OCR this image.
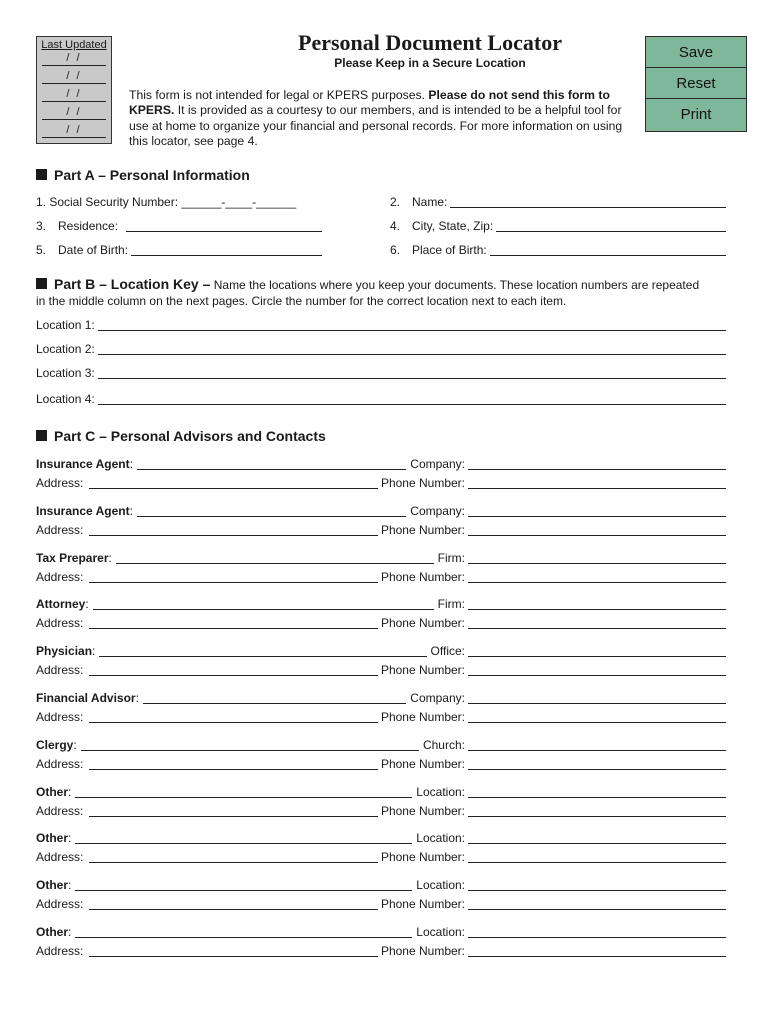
Last Updated
/ /
/ /
/ /
/ /
/ /
Personal Document Locator
Please Keep in a Secure Location
This form is not intended for legal or KPERS purposes. Please do not send this form to KPERS. It is provided as a courtesy to our members, and is intended to be a helpful tool for use at home to organize your financial and personal records. For more information on using this locator, see page 4.
Save
Reset
Print
Part A – Personal Information
1. Social Security Number: ______-____-______	2. Name:
3. Residence:	4. City, State, Zip:
5. Date of Birth:	6. Place of Birth:
Part B – Location Key – Name the locations where you keep your documents. These location numbers are repeated
in the middle column on the next pages. Circle the number for the correct location next to each item.
Location 1:
Location 2:
Location 3:
Location 4:
Part C – Personal Advisors and Contacts
Insurance Agent :	Company:
Address:	Phone Number:
Insurance Agent :	Company:
Address:	Phone Number:
Tax Preparer :	Firm:
Address:	Phone Number:
Attorney :	Firm:
Address:	Phone Number:
Physician :	Office:
Address:	Phone Number:
Financial Advisor :	Company:
Address:	Phone Number:
Clergy :	Church:
Address:	Phone Number:
Other :	Location:
Address:	Phone Number:
Other :	Location:
Address:	Phone Number:
Other :	Location:
Address:	Phone Number:
Other :	Location:
Address:	Phone Number:
